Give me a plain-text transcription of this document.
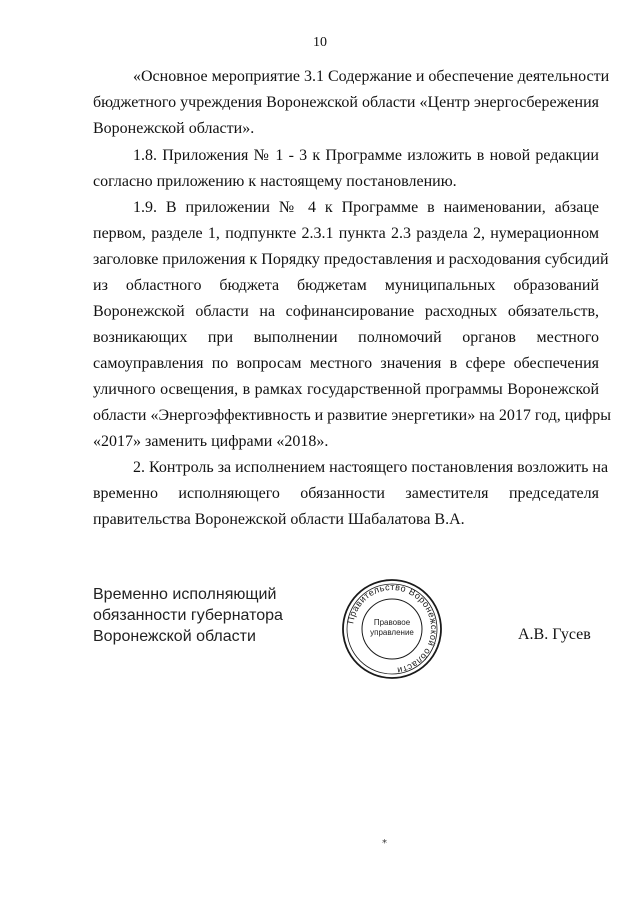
10
«Основное мероприятие 3.1 Содержание и обеспечение деятельности
бюджетного учреждения Воронежской области «Центр энергосбережения
Воронежской области».
1.8. Приложения № 1 - 3 к Программе изложить в новой редакции
согласно приложению к настоящему постановлению.
1.9. В приложении № 4 к Программе в наименовании, абзаце
первом, разделе 1, подпункте 2.3.1 пункта 2.3 раздела 2, нумерационном
заголовке приложения к Порядку предоставления и расходования субсидий
из областного бюджета бюджетам муниципальных образований
Воронежской области на софинансирование расходных обязательств,
возникающих при выполнении полномочий органов местного
самоуправления по вопросам местного значения в сфере обеспечения
уличного освещения, в рамках государственной программы Воронежской
области «Энергоэффективность и развитие энергетики» на 2017 год, цифры
«2017» заменить цифрами «2018».
2. Контроль за исполнением настоящего постановления возложить на
временно исполняющего обязанности заместителя председателя
правительства Воронежской области Шабалатова В.А.
Временно исполняющий
обязанности губернатора
Воронежской области
Правительство Воронежской области
Правовое
управление	А.В. Гусев
*
